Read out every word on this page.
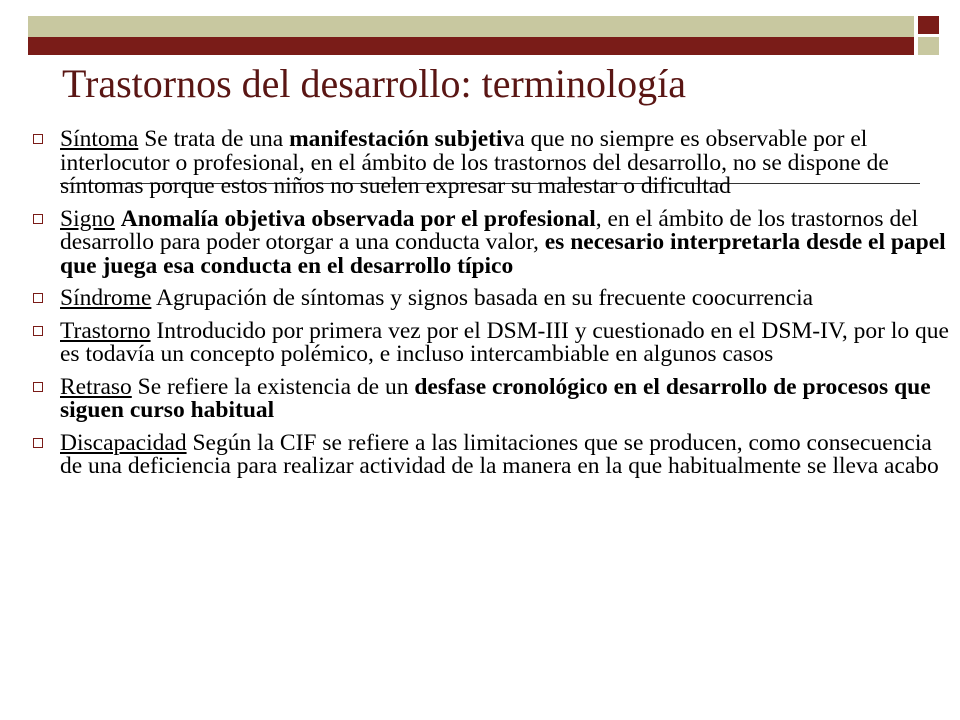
Trastornos del desarrollo: terminología
Síntoma Se trata de una manifestación subjetiva que no siempre es observable por el interlocutor o profesional, en el ámbito de los trastornos del desarrollo, no se dispone de síntomas porque estos niños no suelen expresar su malestar o dificultad
Signo Anomalía objetiva observada por el profesional, en el ámbito de los trastornos del desarrollo para poder otorgar a una conducta valor, es necesario interpretarla desde el papel que juega esa conducta en el desarrollo típico
Síndrome Agrupación de síntomas y signos basada en su frecuente coocurrencia
Trastorno Introducido por primera vez por el DSM-III y cuestionado en el DSM-IV, por lo que es todavía un concepto polémico, e incluso intercambiable en algunos casos
Retraso Se refiere la existencia de un desfase cronológico en el desarrollo de procesos que siguen curso habitual
Discapacidad Según la CIF se refiere a las limitaciones que se producen, como consecuencia de una deficiencia para realizar actividad de la manera en la que habitualmente se lleva acabo
